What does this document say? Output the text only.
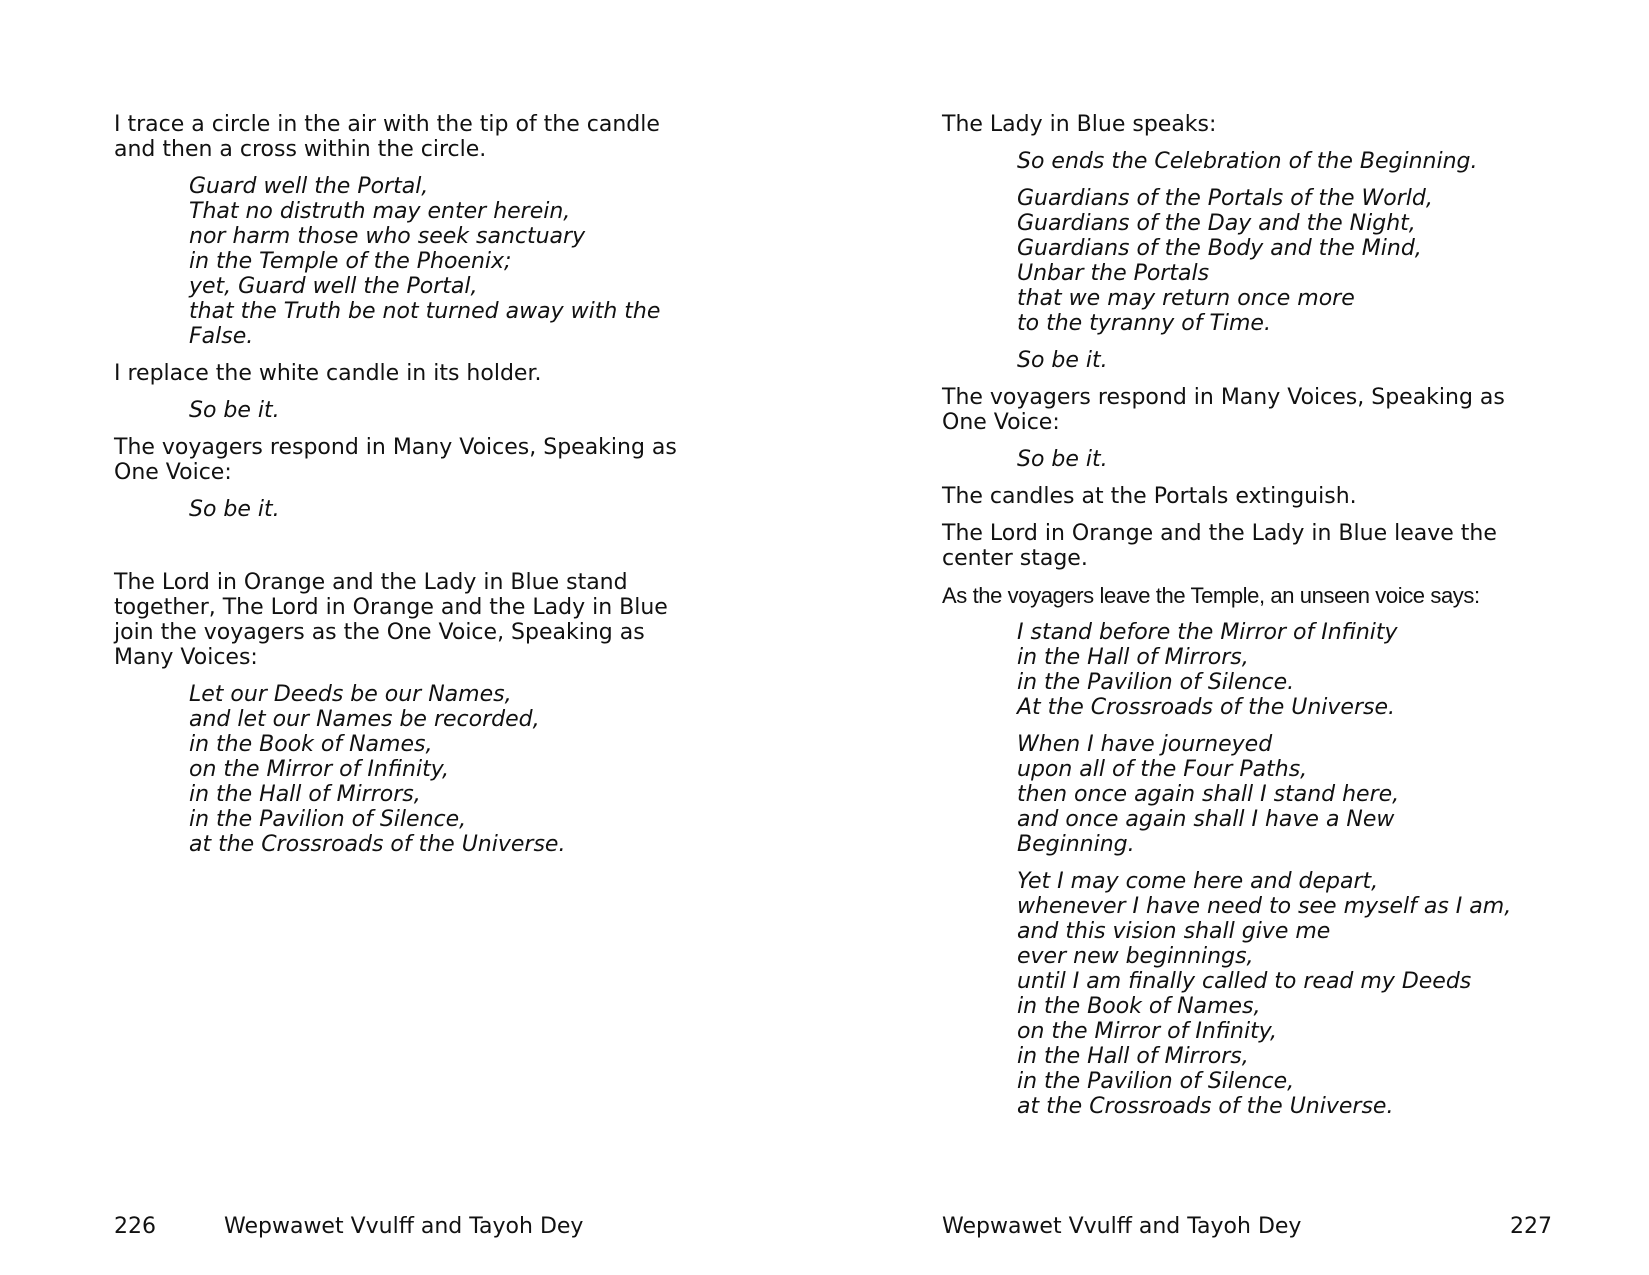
I trace a circle in the air with the tip of the candle
and then a cross within the circle.

Guard well the Portal,
That no distruth may enter herein,
nor harm those who seek sanctuary
in the Temple of the Phoenix;
yet, Guard well the Portal,
that the Truth be not turned away with the
False.

I replace the white candle in its holder.

So be it.

The voyagers respond in Many Voices, Speaking as
One Voice:

So be it.

The Lord in Orange and the Lady in Blue stand
together, The Lord in Orange and the Lady in Blue
join the voyagers as the One Voice, Speaking as
Many Voices:

Let our Deeds be our Names,
and let our Names be recorded,
in the Book of Names,
on the Mirror of Infinity,
in the Hall of Mirrors,
in the Pavilion of Silence,
at the Crossroads of the Universe.

226	Wepwawet Vvulff and Tayoh Dey

The Lady in Blue speaks:

So ends the Celebration of the Beginning.

Guardians of the Portals of the World,
Guardians of the Day and the Night,
Guardians of the Body and the Mind,
Unbar the Portals
that we may return once more
to the tyranny of Time.

So be it.

The voyagers respond in Many Voices, Speaking as
One Voice:

So be it.

The candles at the Portals extinguish.

The Lord in Orange and the Lady in Blue leave the
center stage.

As the voyagers leave the Temple, an unseen voice says:

I stand before the Mirror of Infinity
in the Hall of Mirrors,
in the Pavilion of Silence.
At the Crossroads of the Universe.

When I have journeyed
upon all of the Four Paths,
then once again shall I stand here,
and once again shall I have a New
Beginning.

Yet I may come here and depart,
whenever I have need to see myself as I am,
and this vision shall give me
ever new beginnings,
until I am finally called to read my Deeds
in the Book of Names,
on the Mirror of Infinity,
in the Hall of Mirrors,
in the Pavilion of Silence,
at the Crossroads of the Universe.

Wepwawet Vvulff and Tayoh Dey	227
